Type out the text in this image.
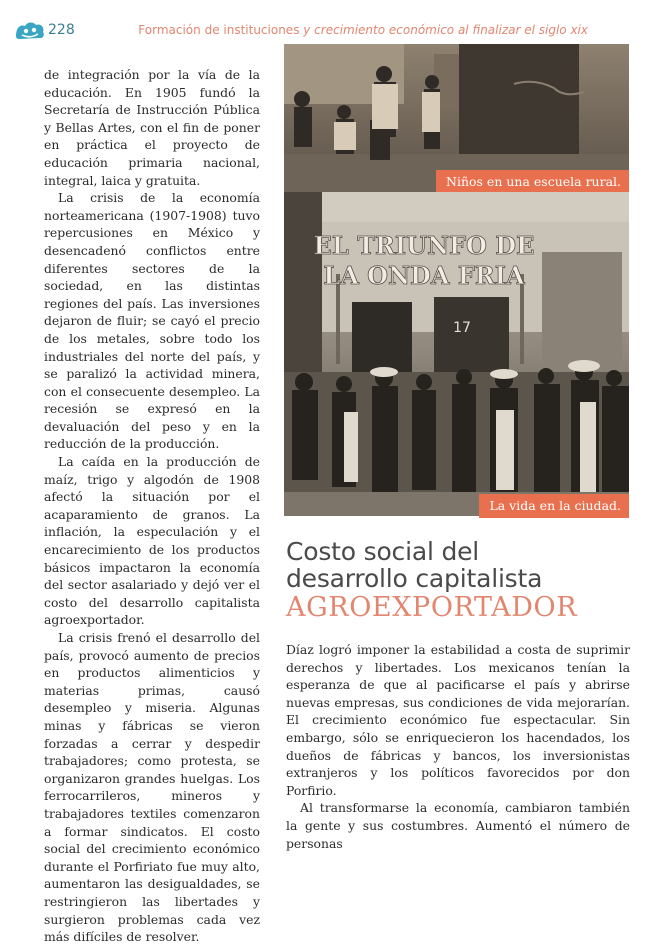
228	Formación de instituciones y crecimiento económico al finalizar el siglo xix

de integración por la vía de la educación. En 1905 fundó la Secretaría de Instrucción Pública y Bellas Artes, con el fin de poner en práctica el proyecto de educación primaria nacional, integral, laica y gratuita.

La crisis de la economía norteamericana (1907-1908) tuvo repercusiones en México y desencadenó conflictos entre diferentes sectores de la sociedad, en las distintas regiones del país. Las inversiones dejaron de fluir; se cayó el precio de los metales, sobre todo los industriales del norte del país, y se paralizó la actividad minera, con el consecuente desempleo. La recesión se expresó en la devaluación del peso y en la reducción de la producción.

La caída en la producción de maíz, trigo y algodón de 1908 afectó la situación por el acaparamiento de granos. La inflación, la especulación y el encarecimiento de los productos básicos impactaron la economía del sector asalariado y dejó ver el costo del desarrollo capitalista agroexportador.

La crisis frenó el desarrollo del país, provocó aumento de precios en productos alimenticios y materias primas, causó desempleo y miseria. Algunas minas y fábricas se vieron forzadas a cerrar y despedir trabajadores; como protesta, se organizaron grandes huelgas. Los ferrocarrileros, mineros y trabajadores textiles comenzaron a formar sindicatos. El costo social del crecimiento económico durante el Porfiriato fue muy alto, aumentaron las desigualdades, se restringieron las libertades y surgieron problemas cada vez más difíciles de resolver.

Niños en una escuela rural.
EL TRIUNFO DE
LA ONDA FRIA
17
La vida en la ciudad.
Costo social del
desarrollo capitalista
AGROEXPORTADOR

Díaz logró imponer la estabilidad a costa de suprimir derechos y libertades. Los mexicanos tenían la esperanza de que al pacificarse el país y abrirse nuevas empresas, sus condiciones de vida mejorarían. El crecimiento económico fue espectacular. Sin embargo, sólo se enriquecieron los hacendados, los dueños de fábricas y bancos, los inversionistas extranjeros y los políticos favorecidos por don Porfirio.

Al transformarse la economía, cambiaron también la gente y sus costumbres. Aumentó el número de personas
